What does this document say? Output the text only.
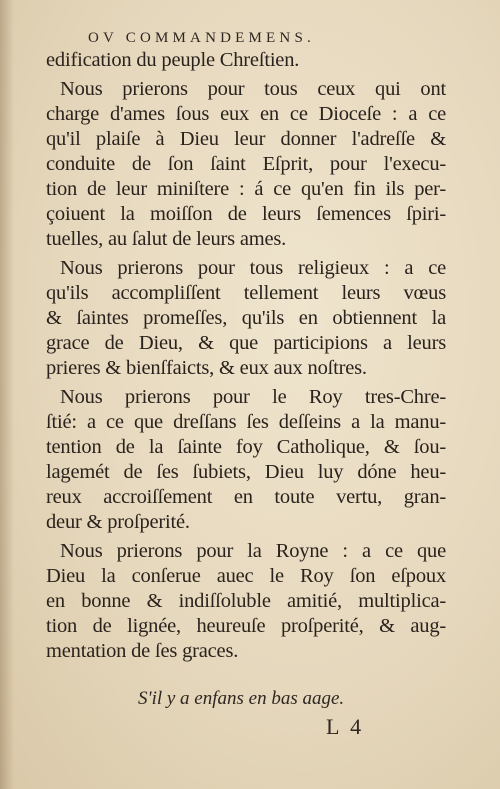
OV COMMANDEMENS.
edification du peuple Chreſtien.
Nous prierons pour tous ceux qui ont
charge d'ames ſous eux en ce Dioceſe : a ce
qu'il plaiſe à Dieu leur donner l'adreſſe &
conduite de ſon ſaint Eſprit, pour l'execu-
tion de leur miniſtere : á ce qu'en fin ils per-
çoiuent la moiſſon de leurs ſemences ſpiri-
tuelles, au ſalut de leurs ames.
Nous prierons pour tous religieux : a ce
qu'ils accompliſſent tellement leurs vœus
& ſaintes promeſſes, qu'ils en obtiennent la
grace de Dieu, & que participions a leurs
prieres & bienſfaicts, & eux aux noſtres.
Nous prierons pour le Roy tres-Chre-
ſtié: a ce que dreſſans ſes deſſeins a la manu-
tention de la ſainte foy Catholique, & ſou-
lagemét de ſes ſubiets, Dieu luy dóne heu-
reux accroiſſement en toute vertu, gran-
deur & proſperité.
Nous prierons pour la Royne : a ce que
Dieu la conſerue auec le Roy ſon eſpoux
en bonne & indiſſoluble amitié, multiplica-
tion de lignée, heureuſe proſperité, & aug-
mentation de ſes graces.
S'il y a enfans en bas aage.
L 4
